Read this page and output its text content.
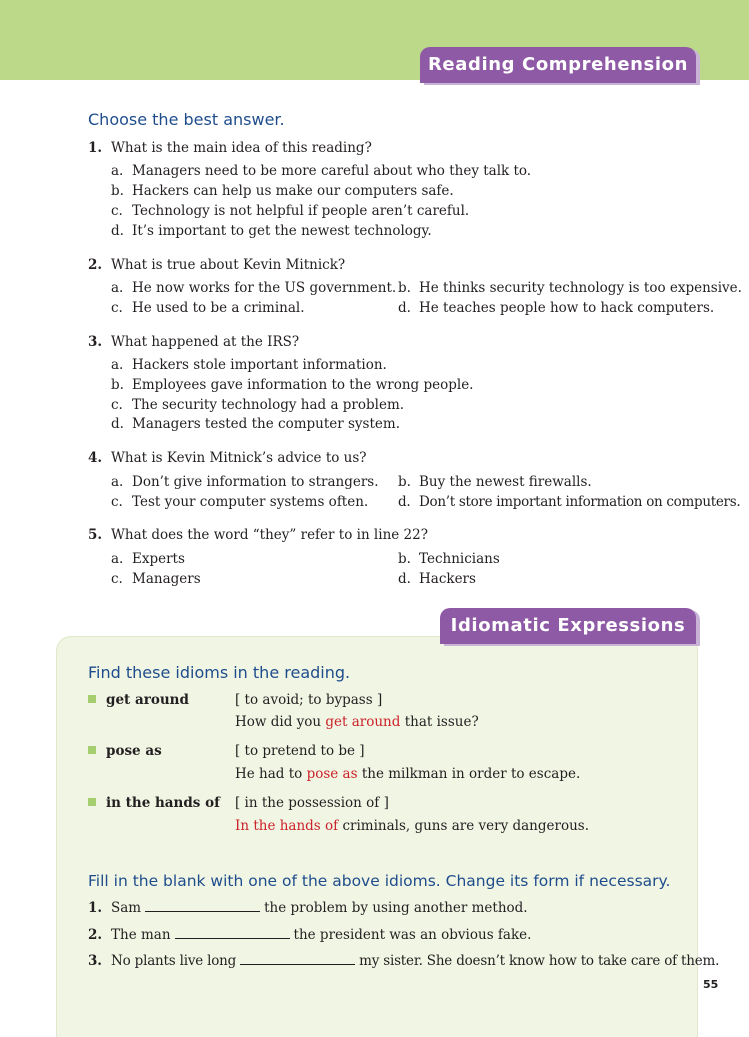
Reading Comprehension
Choose the best answer.
1. What is the main idea of this reading?
a. Managers need to be more careful about who they talk to.
b. Hackers can help us make our computers safe.
c. Technology is not helpful if people aren’t careful.
d. It’s important to get the newest technology.
2. What is true about Kevin Mitnick?
a. He now works for the US government. b. He thinks security technology is too expensive.
c. He used to be a criminal.	d. He teaches people how to hack computers.
3. What happened at the IRS?
a. Hackers stole important information.
b. Employees gave information to the wrong people.
c. The security technology had a problem.
d. Managers tested the computer system.
4. What is Kevin Mitnick’s advice to us?
a. Don’t give information to strangers. b. Buy the newest firewalls.
c. Test your computer systems often. d. Don’t store important information on computers.
5. What does the word “they” refer to in line 22?
a. Experts	b. Technicians
c. Managers	d. Hackers
Idiomatic Expressions
Find these idioms in the reading.
get around	[ to avoid; to bypass ]
How did you get around that issue?
pose as	[ to pretend to be ]
He had to pose as the milkman in order to escape.
in the hands of [ in the possession of ]
In the hands of criminals, guns are very dangerous.
Fill in the blank with one of the above idioms. Change its form if necessary.
1. Sam	the problem by using another method.
2. The man	the president was an obvious fake.
3. No plants live long	my sister. She doesn’t know how to take care of them.
55
